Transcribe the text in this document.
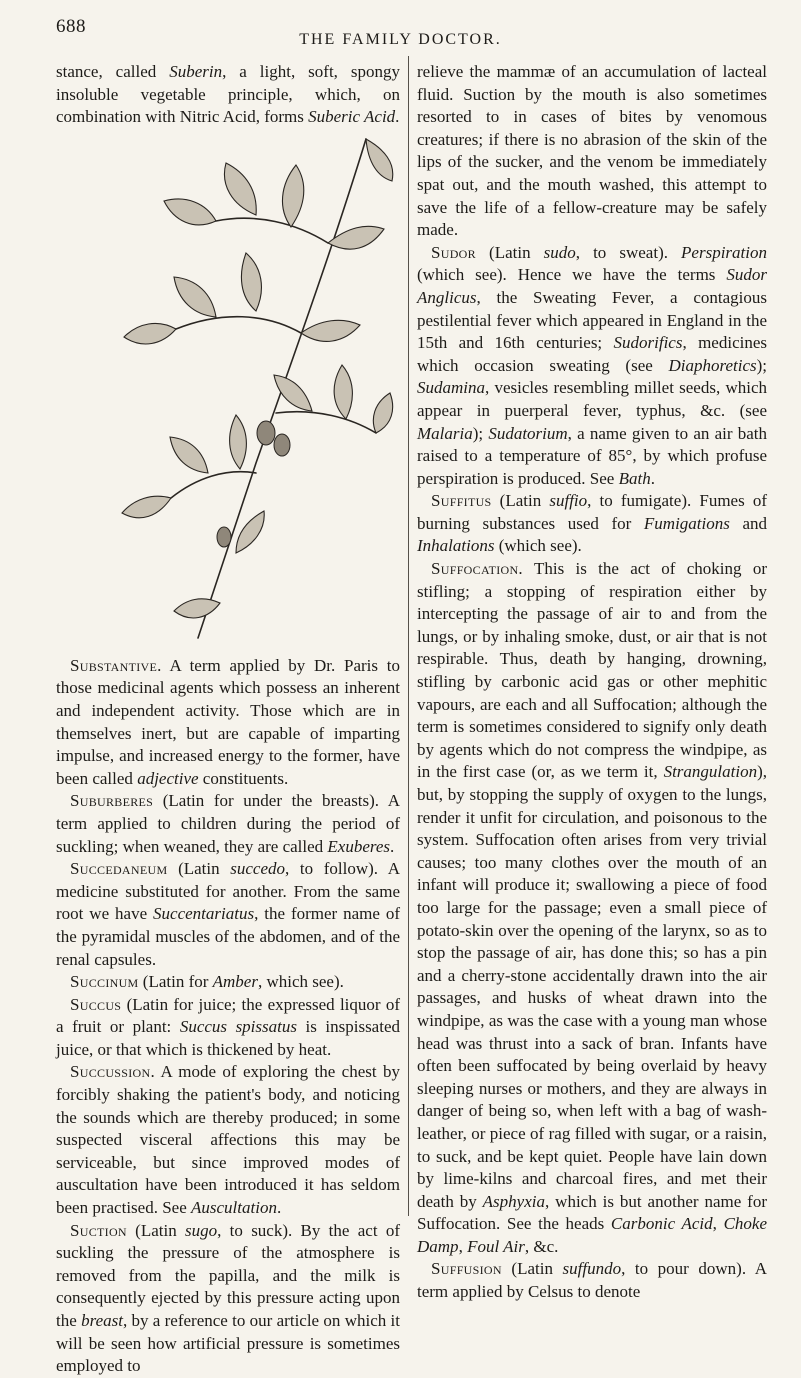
688
THE FAMILY DOCTOR.

stance, called Suberin, a light, soft, spongy insoluble vegetable principle, which, on combination with Nitric Acid, forms Suberic Acid.

Substantive. A term applied by Dr. Paris to those medicinal agents which possess an inherent and independent activity. Those which are in themselves inert, but are capable of imparting impulse, and increased energy to the former, have been called adjective constituents.

Suburberes (Latin for under the breasts). A term applied to children during the period of suckling; when weaned, they are called Exuberes.

Succedaneum (Latin succedo, to follow). A medicine substituted for another. From the same root we have Succentariatus, the former name of the pyramidal muscles of the abdomen, and of the renal capsules.

Succinum (Latin for Amber, which see).

Succus (Latin for juice; the expressed liquor of a fruit or plant: Succus spissatus is inspissated juice, or that which is thickened by heat.

Succussion. A mode of exploring the chest by forcibly shaking the patient's body, and noticing the sounds which are thereby produced; in some suspected visceral affections this may be serviceable, but since improved modes of auscultation have been introduced it has seldom been practised. See Auscultation.

Suction (Latin sugo, to suck). By the act of suckling the pressure of the atmosphere is removed from the papilla, and the milk is consequently ejected by this pressure acting upon the breast, by a reference to our article on which it will be seen how artificial pressure is sometimes employed to

relieve the mammæ of an accumulation of lacteal fluid. Suction by the mouth is also sometimes resorted to in cases of bites by venomous creatures; if there is no abrasion of the skin of the lips of the sucker, and the venom be immediately spat out, and the mouth washed, this attempt to save the life of a fellow-creature may be safely made.

Sudor (Latin sudo, to sweat). Perspiration (which see). Hence we have the terms Sudor Anglicus, the Sweating Fever, a contagious pestilential fever which appeared in England in the 15th and 16th centuries; Sudorifics, medicines which occasion sweating (see Diaphoretics); Sudamina, vesicles resembling millet seeds, which appear in puerperal fever, typhus, &c. (see Malaria); Sudatorium, a name given to an air bath raised to a temperature of 85°, by which profuse perspiration is produced. See Bath.

Suffitus (Latin suffio, to fumigate). Fumes of burning substances used for Fumigations and Inhalations (which see).

Suffocation. This is the act of choking or stifling; a stopping of respiration either by intercepting the passage of air to and from the lungs, or by inhaling smoke, dust, or air that is not respirable. Thus, death by hanging, drowning, stifling by carbonic acid gas or other mephitic vapours, are each and all Suffocation; although the term is sometimes considered to signify only death by agents which do not compress the windpipe, as in the first case (or, as we term it, Strangulation), but, by stopping the supply of oxygen to the lungs, render it unfit for circulation, and poisonous to the system. Suffocation often arises from very trivial causes; too many clothes over the mouth of an infant will produce it; swallowing a piece of food too large for the passage; even a small piece of potato-skin over the opening of the larynx, so as to stop the passage of air, has done this; so has a pin and a cherry-stone accidentally drawn into the air passages, and husks of wheat drawn into the windpipe, as was the case with a young man whose head was thrust into a sack of bran. Infants have often been suffocated by being overlaid by heavy sleeping nurses or mothers, and they are always in danger of being so, when left with a bag of wash-leather, or piece of rag filled with sugar, or a raisin, to suck, and be kept quiet. People have lain down by lime-kilns and charcoal fires, and met their death by Asphyxia, which is but another name for Suffocation. See the heads Carbonic Acid, Choke Damp, Foul Air, &c.

Suffusion (Latin suffundo, to pour down). A term applied by Celsus to denote
